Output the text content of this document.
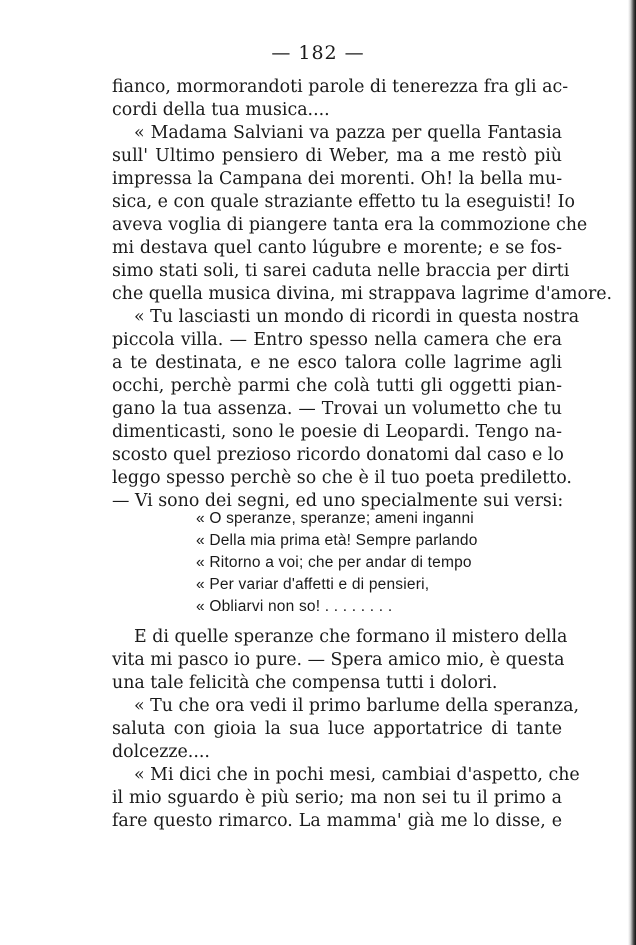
— 182 —
fianco, mormorandoti parole di tenerezza fra gli ac-
cordi della tua musica....
« Madama Salviani va pazza per quella Fantasia
sull' Ultimo pensiero di Weber, ma a me restò più
impressa la Campana dei morenti. Oh! la bella mu-
sica, e con quale straziante effetto tu la eseguisti! Io
aveva voglia di piangere tanta era la commozione che
mi destava quel canto lúgubre e morente; e se fos-
simo stati soli, ti sarei caduta nelle braccia per dirti
che quella musica divina, mi strappava lagrime d'amore.
« Tu lasciasti un mondo di ricordi in questa nostra
piccola villa. — Entro spesso nella camera che era
a te destinata, e ne esco talora colle lagrime agli
occhi, perchè parmi che colà tutti gli oggetti pian-
gano la tua assenza. — Trovai un volumetto che tu
dimenticasti, sono le poesie di Leopardi. Tengo na-
scosto quel prezioso ricordo donatomi dal caso e lo
leggo spesso perchè so che è il tuo poeta prediletto.
— Vi sono dei segni, ed uno specialmente sui versi:
« O speranze, speranze; ameni inganni
« Della mia prima età! Sempre parlando
« Ritorno a voi; che per andar di tempo
« Per variar d'affetti e di pensieri,
« Obliarvi non so! . . . . . . . .
E di quelle speranze che formano il mistero della
vita mi pasco io pure. — Spera amico mio, è questa
una tale felicità che compensa tutti i dolori.
« Tu che ora vedi il primo barlume della speranza,
saluta con gioia la sua luce apportatrice di tante
dolcezze....
« Mi dici che in pochi mesi, cambiai d'aspetto, che
il mio sguardo è più serio; ma non sei tu il primo a
fare questo rimarco. La mamma' già me lo disse, e
